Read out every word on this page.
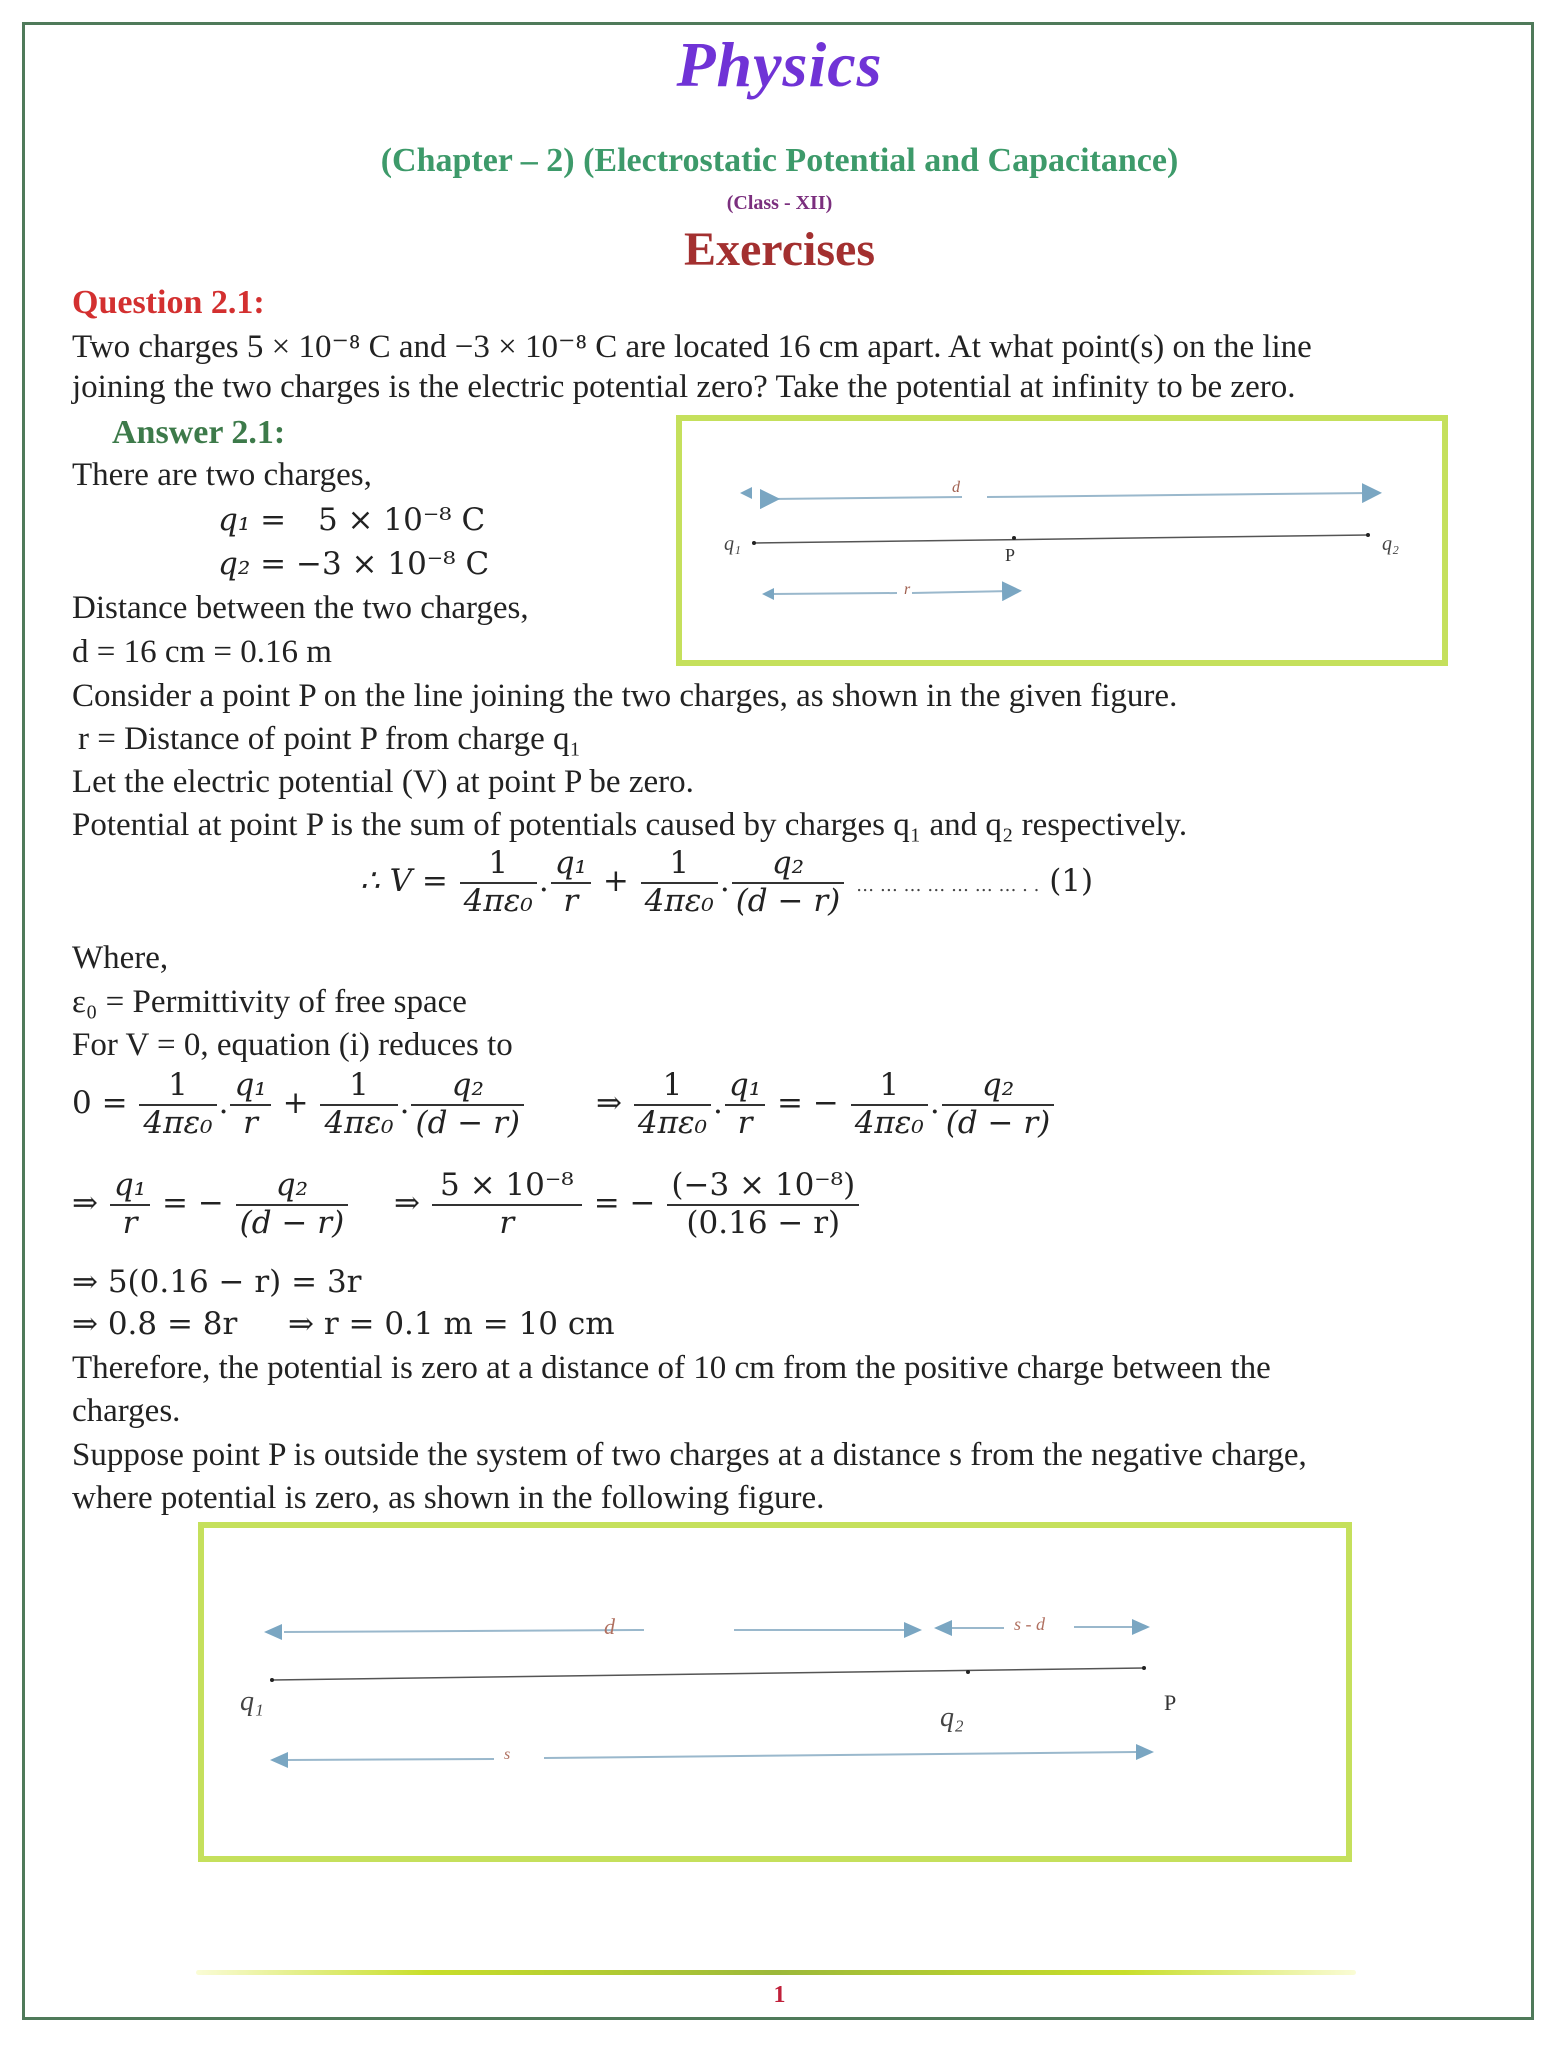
Physics
(Chapter – 2) (Electrostatic Potential and Capacitance)
(Class - XII)
Exercises
Question 2.1:
Two charges 5 × 10⁻⁸ C and −3 × 10⁻⁸ C are located 16 cm apart. At what point(s) on the line
joining the two charges is the electric potential zero? Take the potential at infinity to be zero.
Answer 2.1:
There are two charges,
q₁ = 5 × 10⁻⁸ C
q₂ = −3 × 10⁻⁸ C
Distance between the two charges,
d = 16 cm = 0.16 m
d
q₁	P	q₂
r
Consider a point P on the line joining the two charges, as shown in the given figure.
r = Distance of point P from charge q₁
Let the electric potential (V) at point P be zero.
Potential at point P is the sum of potentials caused by charges q₁ and q₂ respectively.
∴ $V = \frac{1}{\text{4πε₀}}$ . $\frac{\text{q₁}}{r} + \frac{1}{\text{4πε₀}}$ . $\frac{\text{q₂}}{(d - r)}$ … … … … … … … . . (1)
Where,
ε₀ = Permittivity of free space
For V = 0, equation (i) reduces to
$0 = \frac{1}{\text{4πε₀}}$ . $\frac{\text{q₁}}{r} + \frac{1}{\text{4πε₀}}$ . $\frac{\text{q₂}}{(d - r)}$ ⇒ $\frac{1}{\text{4πε₀}}$ . $\frac{\text{q₁}}{r}$ = − $\frac{1}{\text{4πε₀}}$ . $\frac{\text{q₂}}{(d - r)}$
⇒ $\frac{\text{q₁}}{r}$ = − $\frac{\text{q₂}}{(d - r)}$ ⇒ $\frac{\text{5 × 10⁻⁸}}{r}$ = − $\frac{\text{(−3 × 10⁻⁸)}}{(0.16 - r)}$
⇒ 5(0.16 − r) = 3r
⇒ 0.8 = 8r ⇒ r = 0.1 m = 10 cm
Therefore, the potential is zero at a distance of 10 cm from the positive charge between the
charges.
Suppose point P is outside the system of two charges at a distance s from the negative charge,
where potential is zero, as shown in the following figure.
d	s - d
q₁
q₂	P
s
1
